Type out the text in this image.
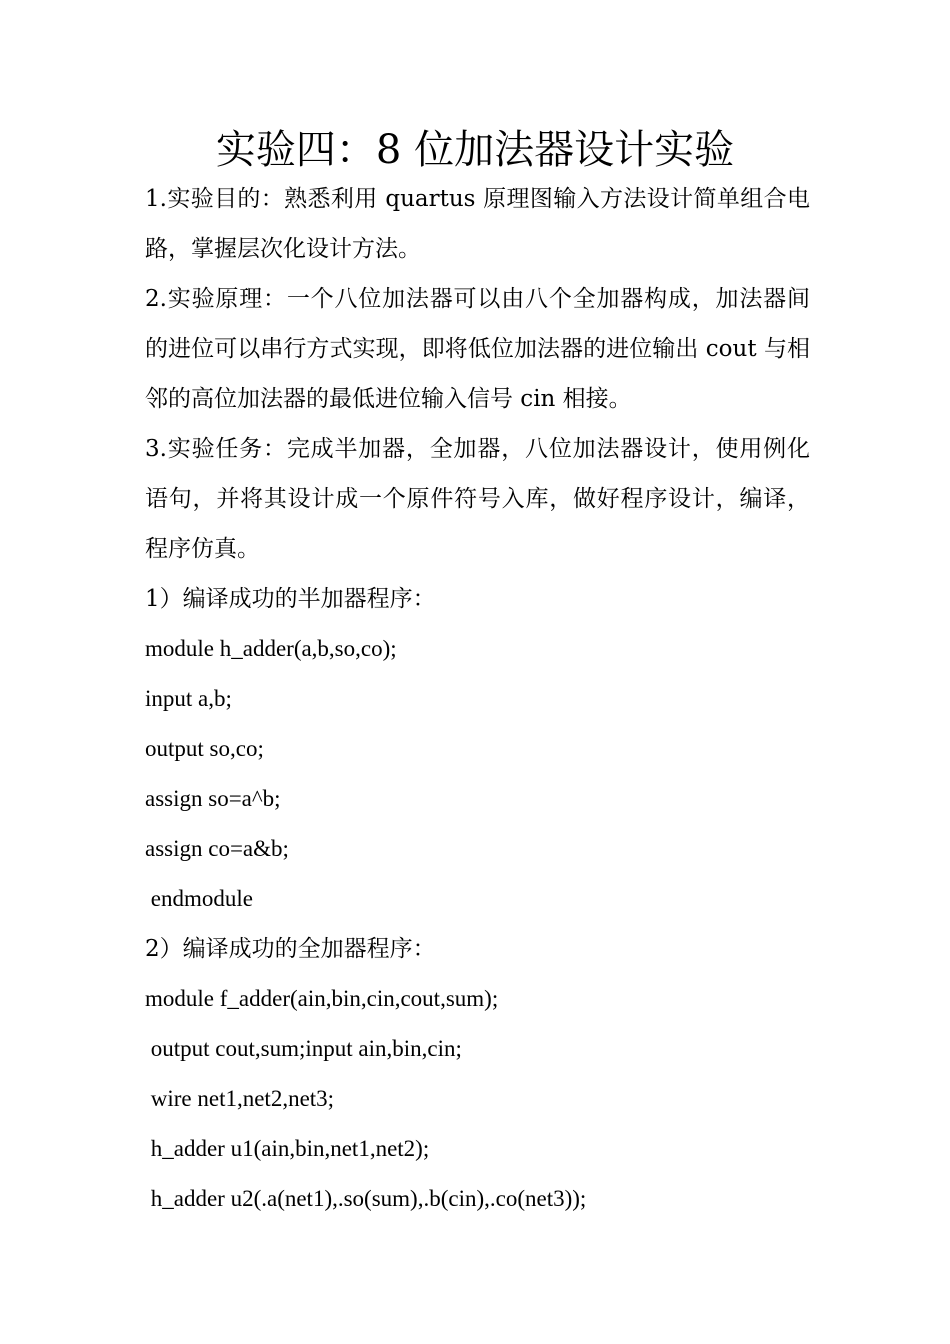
实验四：8 位加法器设计实验

1.实验目的：熟悉利用 quartus 原理图输入方法设计简单组合电路，掌握层次化设计方法。

2.实验原理：一个八位加法器可以由八个全加器构成，加法器间的进位可以串行方式实现，即将低位加法器的进位输出 cout 与相邻的高位加法器的最低进位输入信号 cin 相接。

3.实验任务：完成半加器，全加器，八位加法器设计，使用例化语句，并将其设计成一个原件符号入库，做好程序设计，编译，程序仿真。

1）编译成功的半加器程序：

module h_adder(a,b,so,co);

input a,b;

output so,co;

assign so=a^b;

assign co=a&b;

endmodule

2）编译成功的全加器程序：

module f_adder(ain,bin,cin,cout,sum);

output cout,sum;input ain,bin,cin;

wire net1,net2,net3;

h_adder u1(ain,bin,net1,net2);

h_adder u2(.a(net1),.so(sum),.b(cin),.co(net3));
